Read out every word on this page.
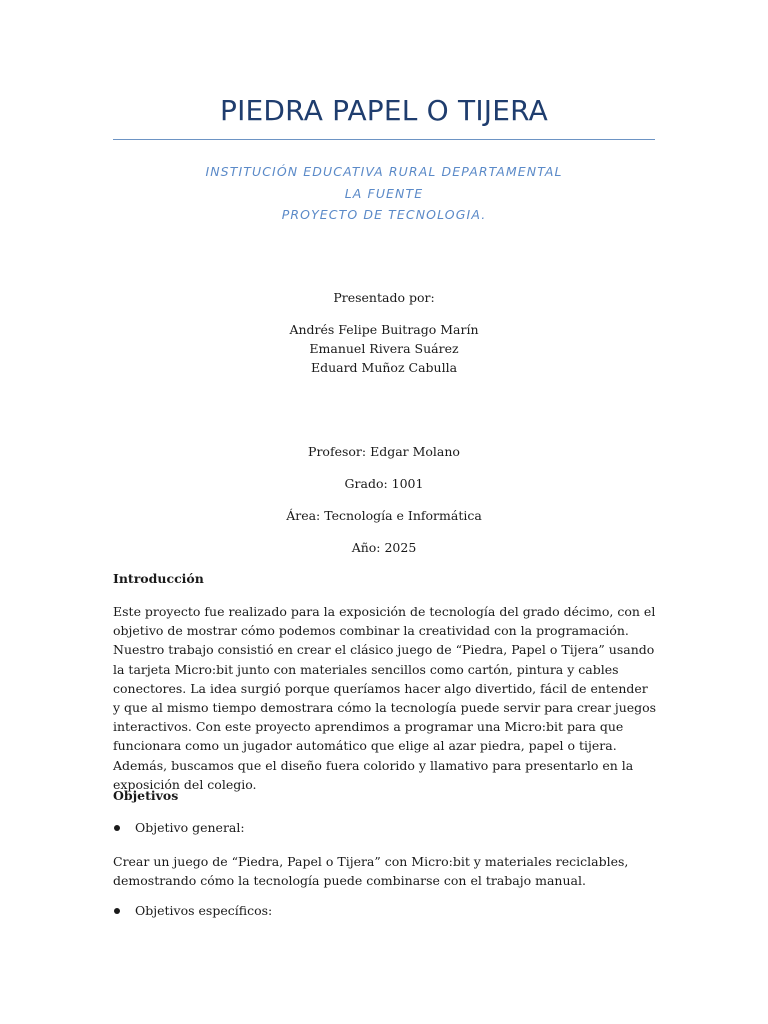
PIEDRA PAPEL O TIJERA
INSTITUCIÓN EDUCATIVA RURAL DEPARTAMENTAL
LA FUENTE
PROYECTO DE TECNOLOGIA.
Presentado por:
Andrés Felipe Buitrago Marín
Emanuel Rivera Suárez
Eduard Muñoz Cabulla
Profesor: Edgar Molano
Grado: 1001
Área: Tecnología e Informática
Año: 2025
Introducción
Este proyecto fue realizado para la exposición de tecnología del grado décimo, con el objetivo de mostrar cómo podemos combinar la creatividad con la programación. Nuestro trabajo consistió en crear el clásico juego de “Piedra, Papel o Tijera” usando la tarjeta Micro:bit junto con materiales sencillos como cartón, pintura y cables conectores. La idea surgió porque queríamos hacer algo divertido, fácil de entender y que al mismo tiempo demostrara cómo la tecnología puede servir para crear juegos interactivos. Con este proyecto aprendimos a programar una Micro:bit para que funcionara como un jugador automático que elige al azar piedra, papel o tijera. Además, buscamos que el diseño fuera colorido y llamativo para presentarlo en la exposición del colegio.
Objetivos
Objetivo general:
Crear un juego de “Piedra, Papel o Tijera” con Micro:bit y materiales reciclables, demostrando cómo la tecnología puede combinarse con el trabajo manual.
Objetivos específicos:
